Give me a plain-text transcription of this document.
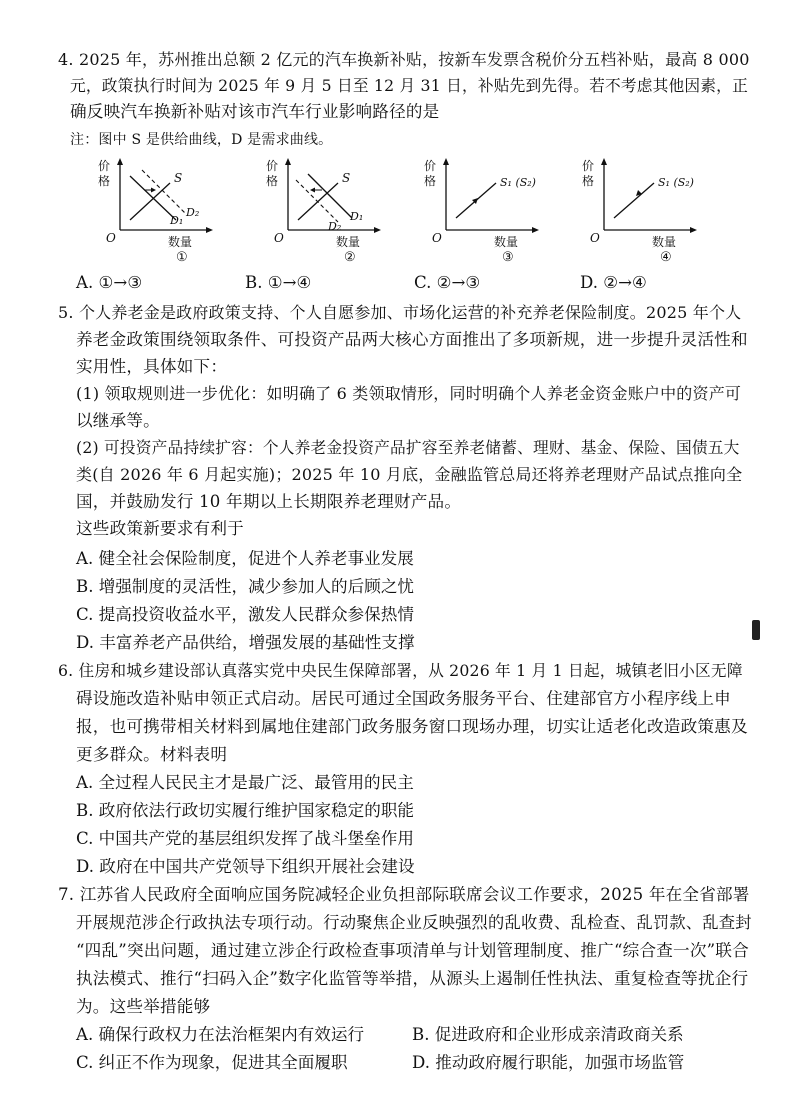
4. 2025 年，苏州推出总额 2 亿元的汽车换新补贴，按新车发票含税价分五档补贴，最高 8 000
元，政策执行时间为 2025 年 9 月 5 日至 12 月 31 日，补贴先到先得。若不考虑其他因素，正
确反映汽车换新补贴对该市汽车行业影响路径的是
注：图中 S 是供给曲线，D 是需求曲线。
价
格
O	数量
S
D₁
D₂
价
格
O	数量
S
D₂
D₁
价
格
O	数量
S₁ (S₂)
价
格
O	数量
S₁ (S₂)
①	②	③	④
A. ①→③	B. ①→④	C. ②→③	D. ②→④
5. 个人养老金是政府政策支持、个人自愿参加、市场化运营的补充养老保险制度。2025 年个人
养老金政策围绕领取条件、可投资产品两大核心方面推出了多项新规，进一步提升灵活性和
实用性，具体如下：
(1) 领取规则进一步优化：如明确了 6 类领取情形，同时明确个人养老金资金账户中的资产可
以继承等。
(2) 可投资产品持续扩容：个人养老金投资产品扩容至养老储蓄、理财、基金、保险、国债五大
类(自 2026 年 6 月起实施)；2025 年 10 月底，金融监管总局还将养老理财产品试点推向全
国，并鼓励发行 10 年期以上长期限养老理财产品。
这些政策新要求有利于
A. 健全社会保险制度，促进个人养老事业发展
B. 增强制度的灵活性，减少参加人的后顾之忧
C. 提高投资收益水平，激发人民群众参保热情
D. 丰富养老产品供给，增强发展的基础性支撑
6. 住房和城乡建设部认真落实党中央民生保障部署，从 2026 年 1 月 1 日起，城镇老旧小区无障
碍设施改造补贴申领正式启动。居民可通过全国政务服务平台、住建部官方小程序线上申
报，也可携带相关材料到属地住建部门政务服务窗口现场办理，切实让适老化改造政策惠及
更多群众。材料表明
A. 全过程人民民主才是最广泛、最管用的民主
B. 政府依法行政切实履行维护国家稳定的职能
C. 中国共产党的基层组织发挥了战斗堡垒作用
D. 政府在中国共产党领导下组织开展社会建设
7. 江苏省人民政府全面响应国务院减轻企业负担部际联席会议工作要求，2025 年在全省部署
开展规范涉企行政执法专项行动。行动聚焦企业反映强烈的乱收费、乱检查、乱罚款、乱查封
“四乱”突出问题，通过建立涉企行政检查事项清单与计划管理制度、推广“综合查一次”联合
执法模式、推行“扫码入企”数字化监管等举措，从源头上遏制任性执法、重复检查等扰企行
为。这些举措能够
A. 确保行政权力在法治框架内有效运行	B. 促进政府和企业形成亲清政商关系
C. 纠正不作为现象，促进其全面履职	D. 推动政府履行职能，加强市场监管
